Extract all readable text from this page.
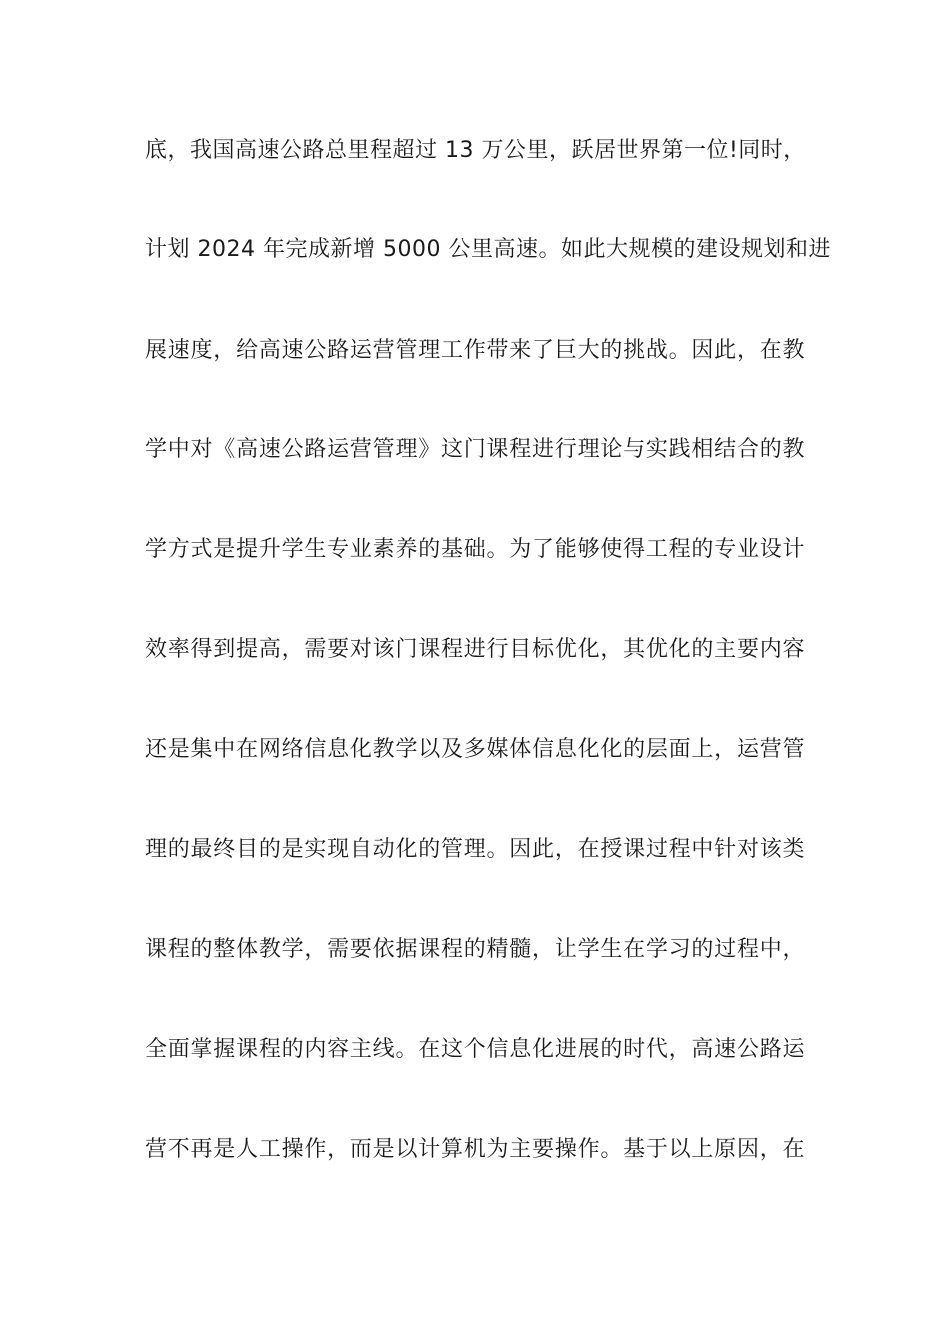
底，我国高速公路总里程超过 13 万公里，跃居世界第一位!同时，
计划 2024 年完成新增 5000 公里高速。如此大规模的建设规划和进
展速度，给高速公路运营管理工作带来了巨大的挑战。因此，在教
学中对《高速公路运营管理》这门课程进行理论与实践相结合的教
学方式是提升学生专业素养的基础。为了能够使得工程的专业设计
效率得到提高，需要对该门课程进行目标优化，其优化的主要内容
还是集中在网络信息化教学以及多媒体信息化化的层面上，运营管
理的最终目的是实现自动化的管理。因此，在授课过程中针对该类
课程的整体教学，需要依据课程的精髓，让学生在学习的过程中，
全面掌握课程的内容主线。在这个信息化进展的时代，高速公路运
营不再是人工操作，而是以计算机为主要操作。基于以上原因，在
